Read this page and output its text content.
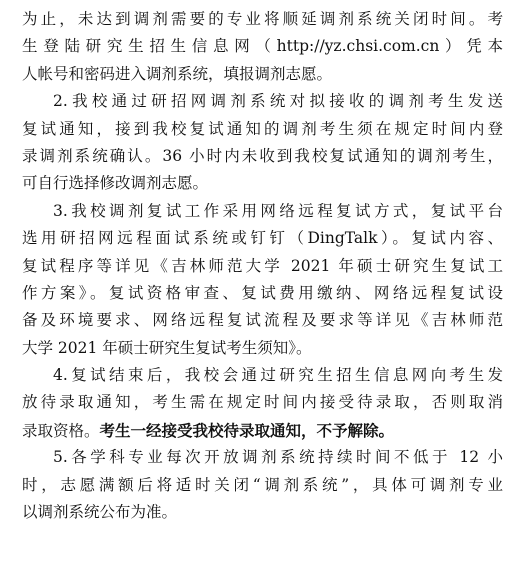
为止，未达到调剂需要的专业将顺延调剂系统关闭时间。考
生登陆研究生招生信息网（http://yz.chsi.com.cn）凭本
人帐号和密码进入调剂系统，填报调剂志愿。
2.我校通过研招网调剂系统对拟接收的调剂考生发送
复试通知，接到我校复试通知的调剂考生须在规定时间内登
录调剂系统确认。36 小时内未收到我校复试通知的调剂考生，
可自行选择修改调剂志愿。
3.我校调剂复试工作采用网络远程复试方式，复试平台
选用研招网远程面试系统或钉钉（DingTalk）。复试内容、
复试程序等详见《吉林师范大学 2021 年硕士研究生复试工
作方案》。复试资格审查、复试费用缴纳、网络远程复试设
备及环境要求、网络远程复试流程及要求等详见《吉林师范
大学 2021 年硕士研究生复试考生须知》。
4.复试结束后，我校会通过研究生招生信息网向考生发
放待录取通知，考生需在规定时间内接受待录取，否则取消
录取资格。考生一经接受我校待录取通知，不予解除。
5.各学科专业每次开放调剂系统持续时间不低于 12 小
时，志愿满额后将适时关闭“调剂系统”，具体可调剂专业
以调剂系统公布为准。
